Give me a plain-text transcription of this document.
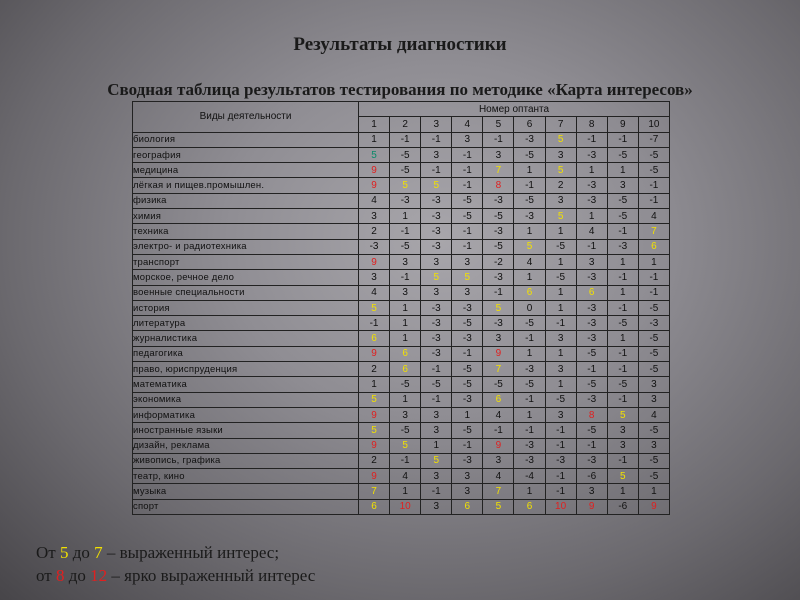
Результаты диагностики
Сводная таблица результатов тестирования по методике «Карта интересов»
Виды деятельности	Номер оптанта									
	1	2	3	4	5	6	7	8	9	10
биология	1	-1	-1	3	-1	-3	5	-1	-1	-7
география	5	-5	3	-1	3	-5	3	-3	-5	-5
медицина	9	-5	-1	-1	7	1	5	1	1	-5
лёгкая и пищев.промышлен.	9	5	5	-1	8	-1	2	-3	3	-1
физика	4	-3	-3	-5	-3	-5	3	-3	-5	-1
химия	3	1	-3	-5	-5	-3	5	1	-5	4
техника	2	-1	-3	-1	-3	1	1	4	-1	7
электро- и радиотехника	-3	-5	-3	-1	-5	5	-5	-1	-3	6
транспорт	9	3	3	3	-2	4	1	3	1	1
морское, речное дело	3	-1	5	5	-3	1	-5	-3	-1	-1
военные специальности	4	3	3	3	-1	6	1	6	1	-1
история	5	1	-3	-3	5	0	1	-3	-1	-5
литература	-1	1	-3	-5	-3	-5	-1	-3	-5	-3
журналистика	6	1	-3	-3	3	-1	3	-3	1	-5
педагогика	9	6	-3	-1	9	1	1	-5	-1	-5
право, юриспруденция	2	6	-1	-5	7	-3	3	-1	-1	-5
математика	1	-5	-5	-5	-5	-5	1	-5	-5	3
экономика	5	1	-1	-3	6	-1	-5	-3	-1	3
информатика	9	3	3	1	4	1	3	8	5	4
иностранные языки	5	-5	3	-5	-1	-1	-1	-5	3	-5
дизайн, реклама	9	5	1	-1	9	-3	-1	-1	3	3
живопись, графика	2	-1	5	-3	3	-3	-3	-3	-1	-5
театр, кино	9	4	3	3	4	-4	-1	-6	5	-5
музыка	7	1	-1	3	7	1	-1	3	1	1
спорт	6	10	3	6	5	6	10	9	-6	9
От 5 до 7 – выраженный интерес;
от 8 до 12 – ярко выраженный интерес
